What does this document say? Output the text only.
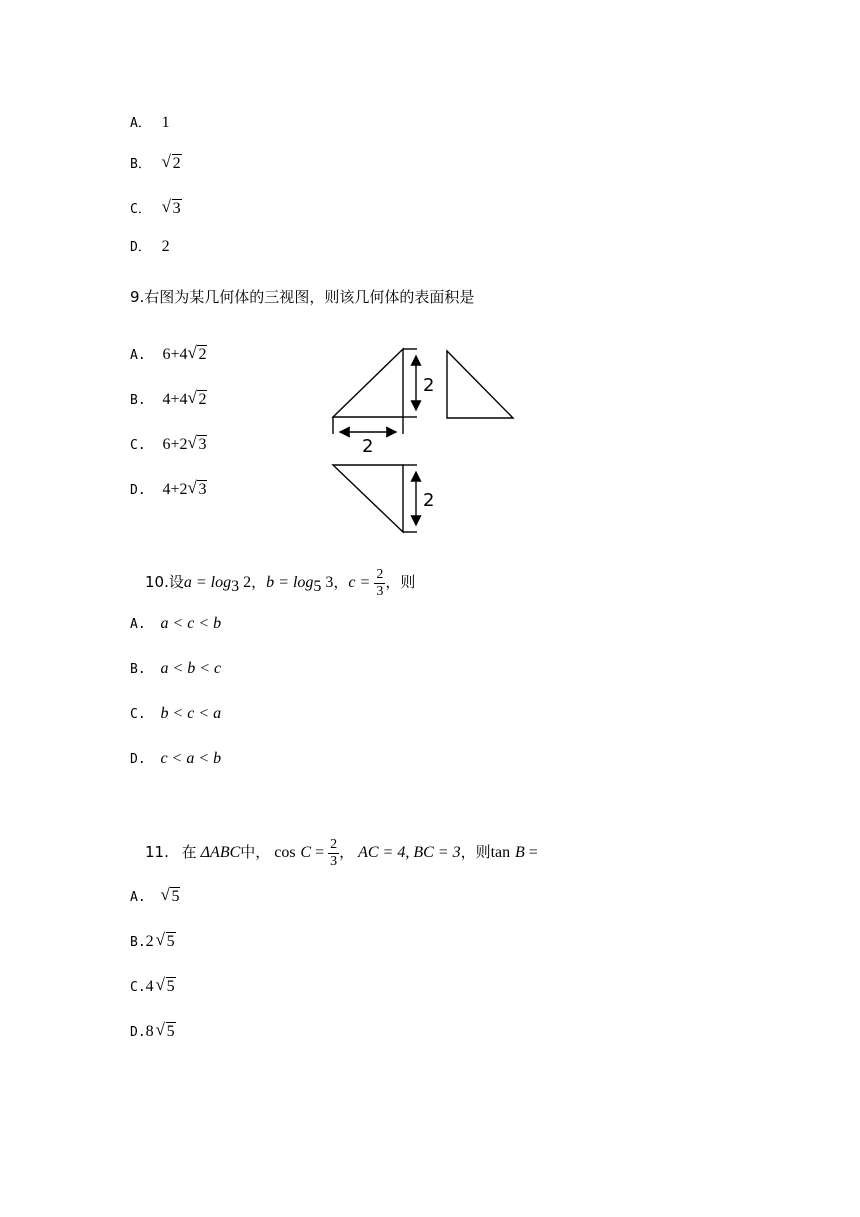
A． 1
B． √ 2
C． √ 3
D． 2
9.右图为某几何体的三视图，则该几何体的表面积是
A. 6+4 √ 2
B. 4+4 √ 2
C. 6+2 √ 3
D. 4+2 √ 3
2
2
2
10.设$a = \log_3 2$，$b = \log_5 3$，$c = \frac{2}{3}$ ，则
A. a < c < b
B. a < b < c
C. b < c < a
D. c < a < b
11. 在 ΔABC中， $\cos C = \frac{2}{3}$ ， AC = 4, BC = 3，则tan B =
A. √ 5
B.2 √ 5
C.4 √ 5
D.8 √ 5
